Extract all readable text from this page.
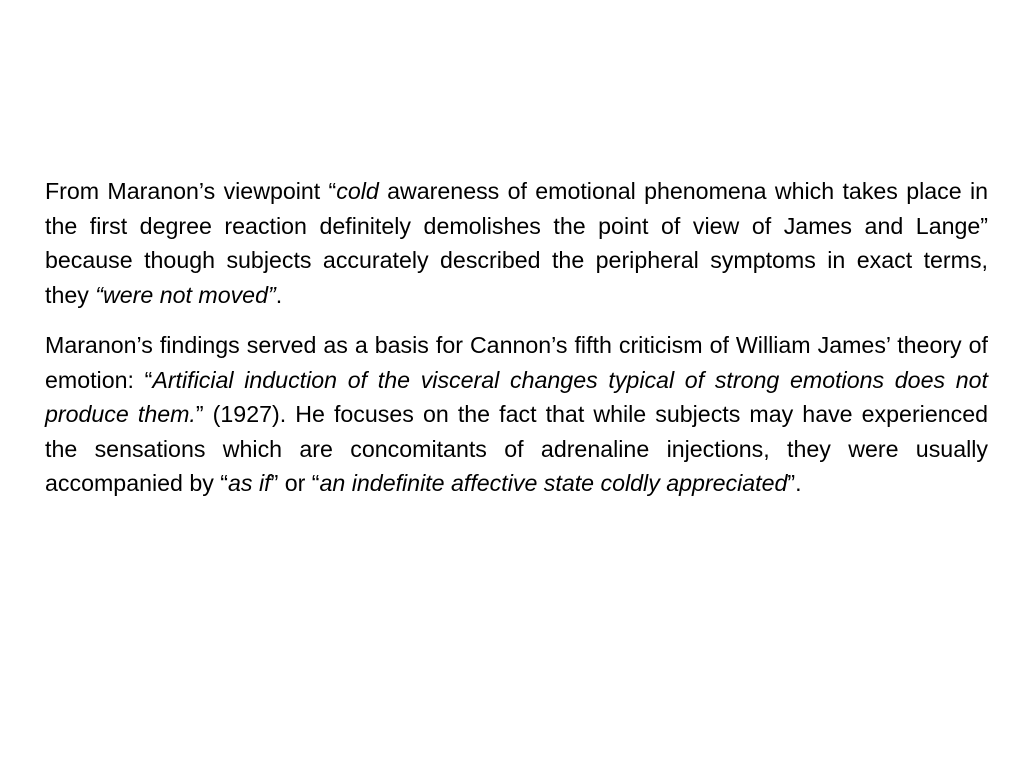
From Maranon’s viewpoint “cold awareness of emotional phenomena which takes place in the first degree reaction definitely demolishes the point of view of James and Lange” because though subjects accurately described the peripheral symptoms in exact terms, they “were not moved”.

Maranon’s findings served as a basis for Cannon’s fifth criticism of William James’ theory of emotion: “Artificial induction of the visceral changes typical of strong emotions does not produce them.” (1927). He focuses on the fact that while subjects may have experienced the sensations which are concomitants of adrenaline injections, they were usually accompanied by “as if” or “an indefinite affective state coldly appreciated”.
